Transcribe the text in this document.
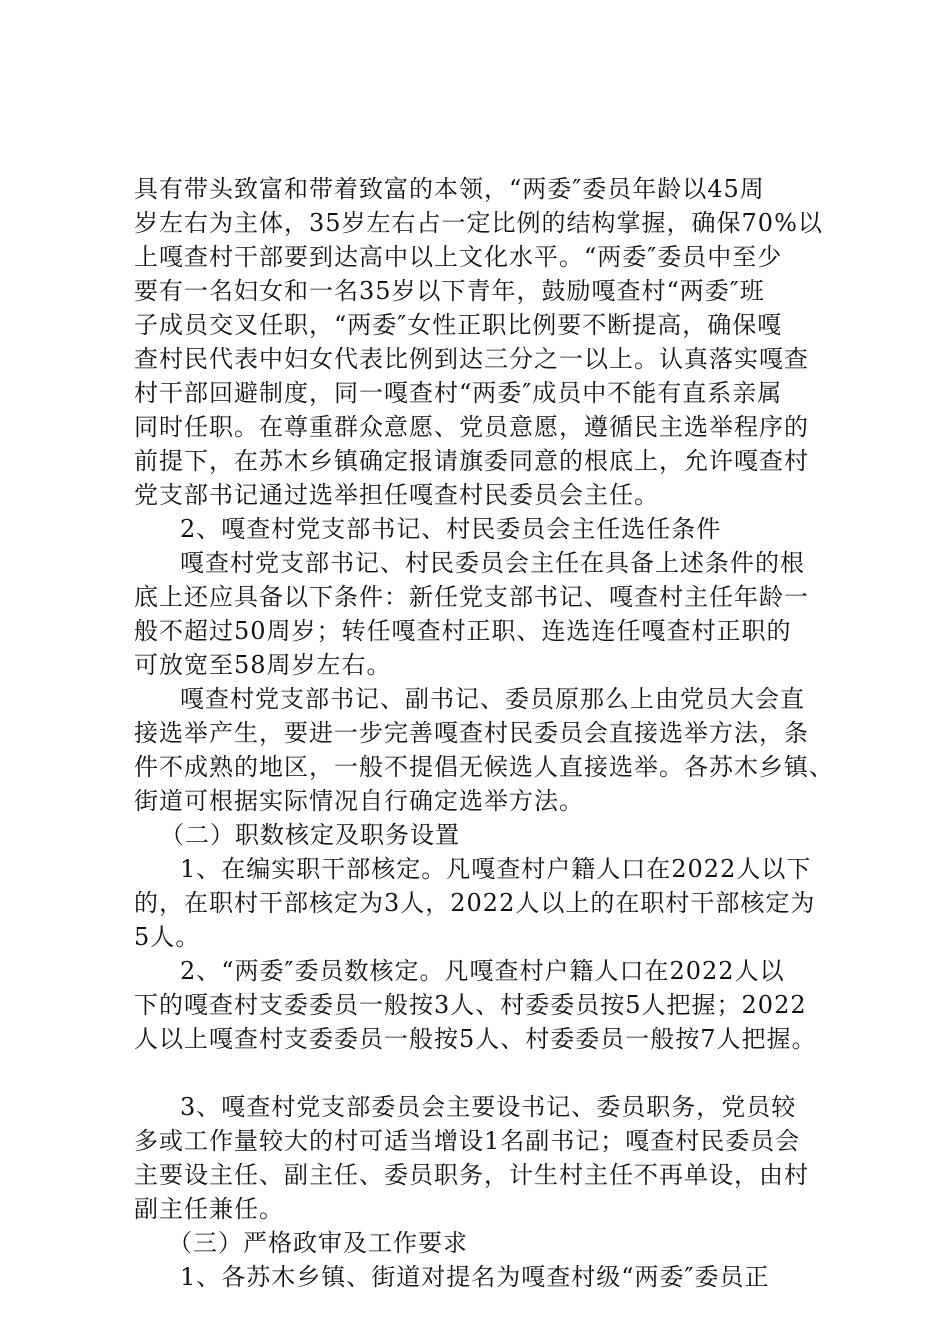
具有带头致富和带着致富的本领，“两委″委员年龄以45周
岁左右为主体，35岁左右占一定比例的结构掌握，确保70%以
上嘎查村干部要到达高中以上文化水平。“两委″委员中至少
要有一名妇女和一名35岁以下青年，鼓励嘎查村“两委″班
子成员交叉任职，“两委″女性正职比例要不断提高，确保嘎
查村民代表中妇女代表比例到达三分之一以上。认真落实嘎查
村干部回避制度，同一嘎查村“两委″成员中不能有直系亲属
同时任职。在尊重群众意愿、党员意愿，遵循民主选举程序的
前提下，在苏木乡镇确定报请旗委同意的根底上，允许嘎查村
党支部书记通过选举担任嘎查村民委员会主任。
2、嘎查村党支部书记、村民委员会主任选任条件
嘎查村党支部书记、村民委员会主任在具备上述条件的根
底上还应具备以下条件：新任党支部书记、嘎查村主任年龄一
般不超过50周岁；转任嘎查村正职、连选连任嘎查村正职的
可放宽至58周岁左右。
嘎查村党支部书记、副书记、委员原那么上由党员大会直
接选举产生，要进一步完善嘎查村民委员会直接选举方法，条
件不成熟的地区，一般不提倡无候选人直接选举。各苏木乡镇、
街道可根据实际情况自行确定选举方法。
（二）职数核定及职务设置
1、在编实职干部核定。凡嘎查村户籍人口在2022人以下
的，在职村干部核定为3人，2022人以上的在职村干部核定为
5人。
2、“两委″委员数核定。凡嘎查村户籍人口在2022人以
下的嘎查村支委委员一般按3人、村委委员按5人把握；2022
人以上嘎查村支委委员一般按5人、村委委员一般按7人把握。
3、嘎查村党支部委员会主要设书记、委员职务，党员较
多或工作量较大的村可适当增设1名副书记；嘎查村民委员会
主要设主任、副主任、委员职务，计生村主任不再单设，由村
副主任兼任。
（三）严格政审及工作要求
1、各苏木乡镇、街道对提名为嘎查村级“两委″委员正
